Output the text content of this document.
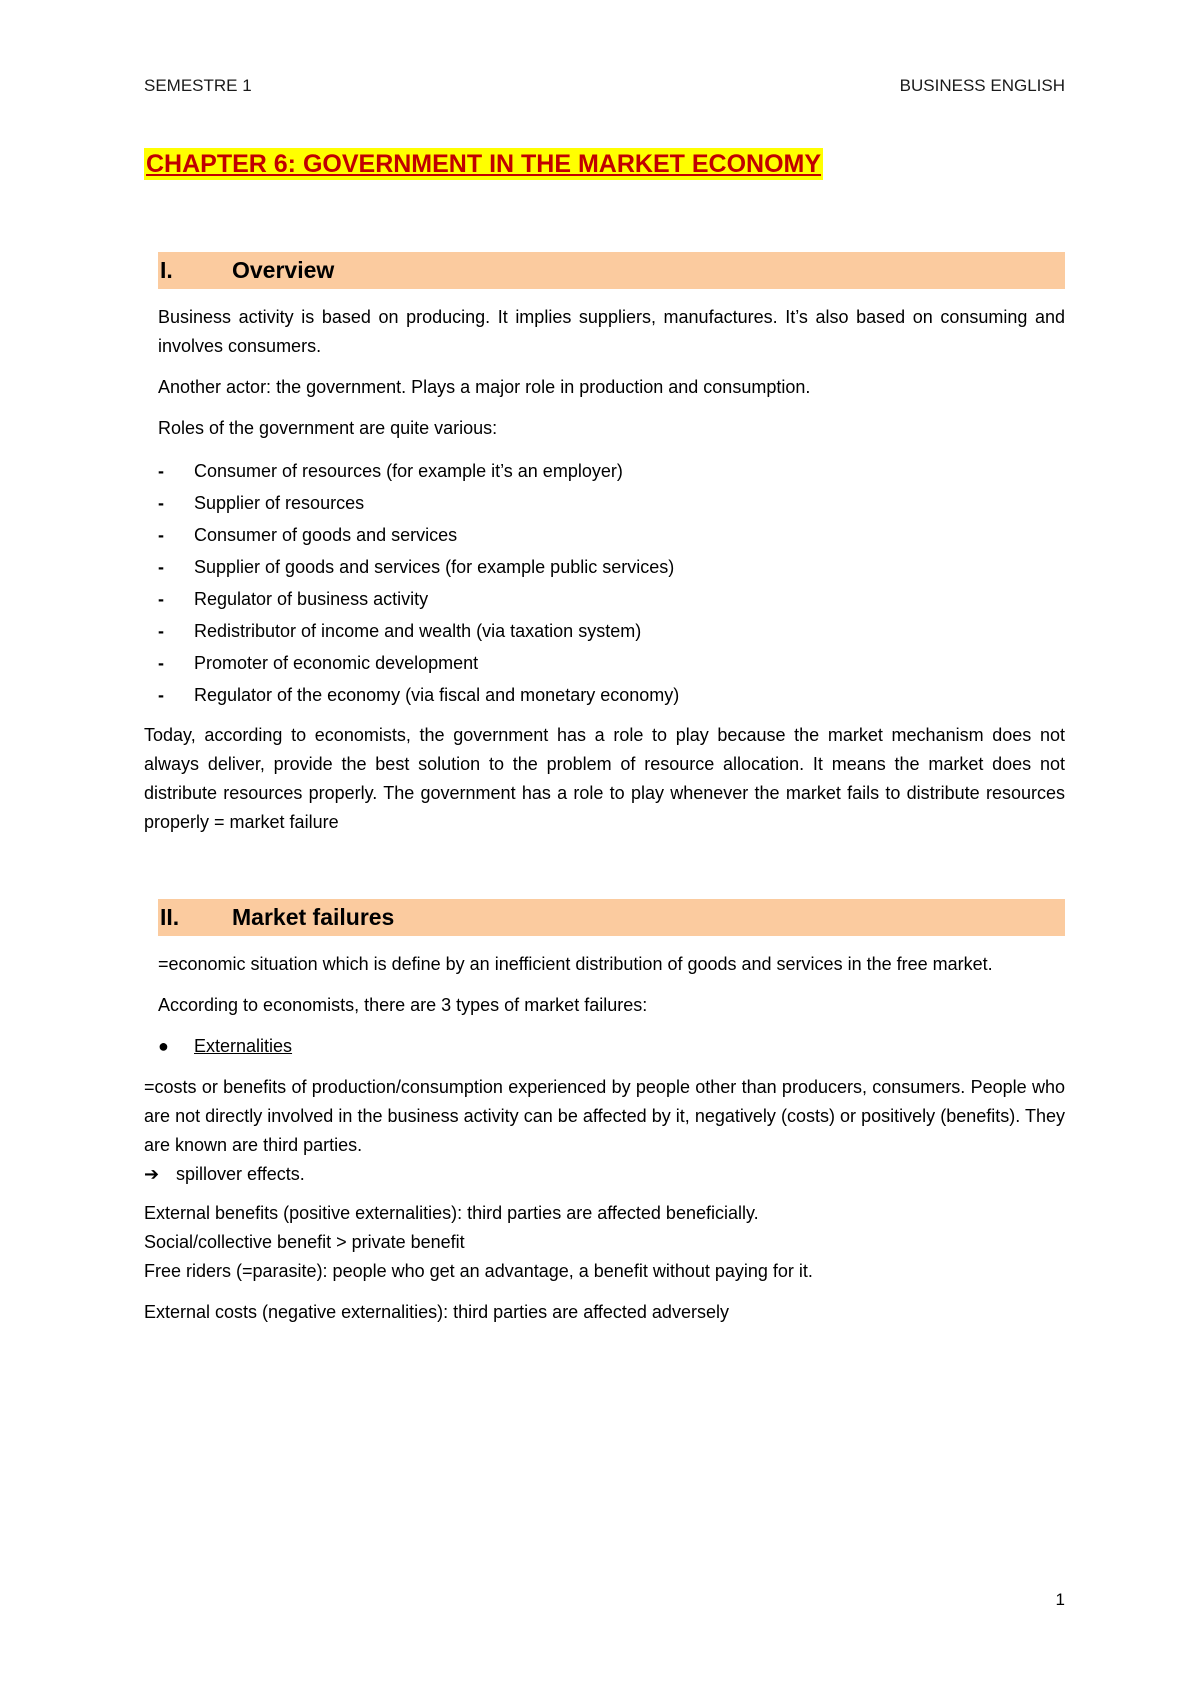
SEMESTRE 1	BUSINESS ENGLISH
CHAPTER 6: GOVERNMENT IN THE MARKET ECONOMY
I.	Overview

Business activity is based on producing. It implies suppliers, manufactures. It’s also based on consuming and involves consumers.

Another actor: the government. Plays a major role in production and consumption.

Roles of the government are quite various:

-	Consumer of resources (for example it’s an employer)
-	Supplier of resources
-	Consumer of goods and services
-	Supplier of goods and services (for example public services)
-	Regulator of business activity
-	Redistributor of income and wealth (via taxation system)
-	Promoter of economic development
-	Regulator of the economy (via fiscal and monetary economy)

Today, according to economists, the government has a role to play because the market mechanism does not always deliver, provide the best solution to the problem of resource allocation. It means the market does not distribute resources properly. The government has a role to play whenever the market fails to distribute resources properly = market failure

II.	Market failures

=economic situation which is define by an inefficient distribution of goods and services in the free market.

According to economists, there are 3 types of market failures:

●	Externalities

=costs or benefits of production/consumption experienced by people other than producers, consumers. People who are not directly involved in the business activity can be affected by it, negatively (costs) or positively (benefits). They are known are third parties.

➔ spillover effects.

External benefits (positive externalities): third parties are affected beneficially.

Social/collective benefit > private benefit

Free riders (=parasite): people who get an advantage, a benefit without paying for it.

External costs (negative externalities): third parties are affected adversely

1
